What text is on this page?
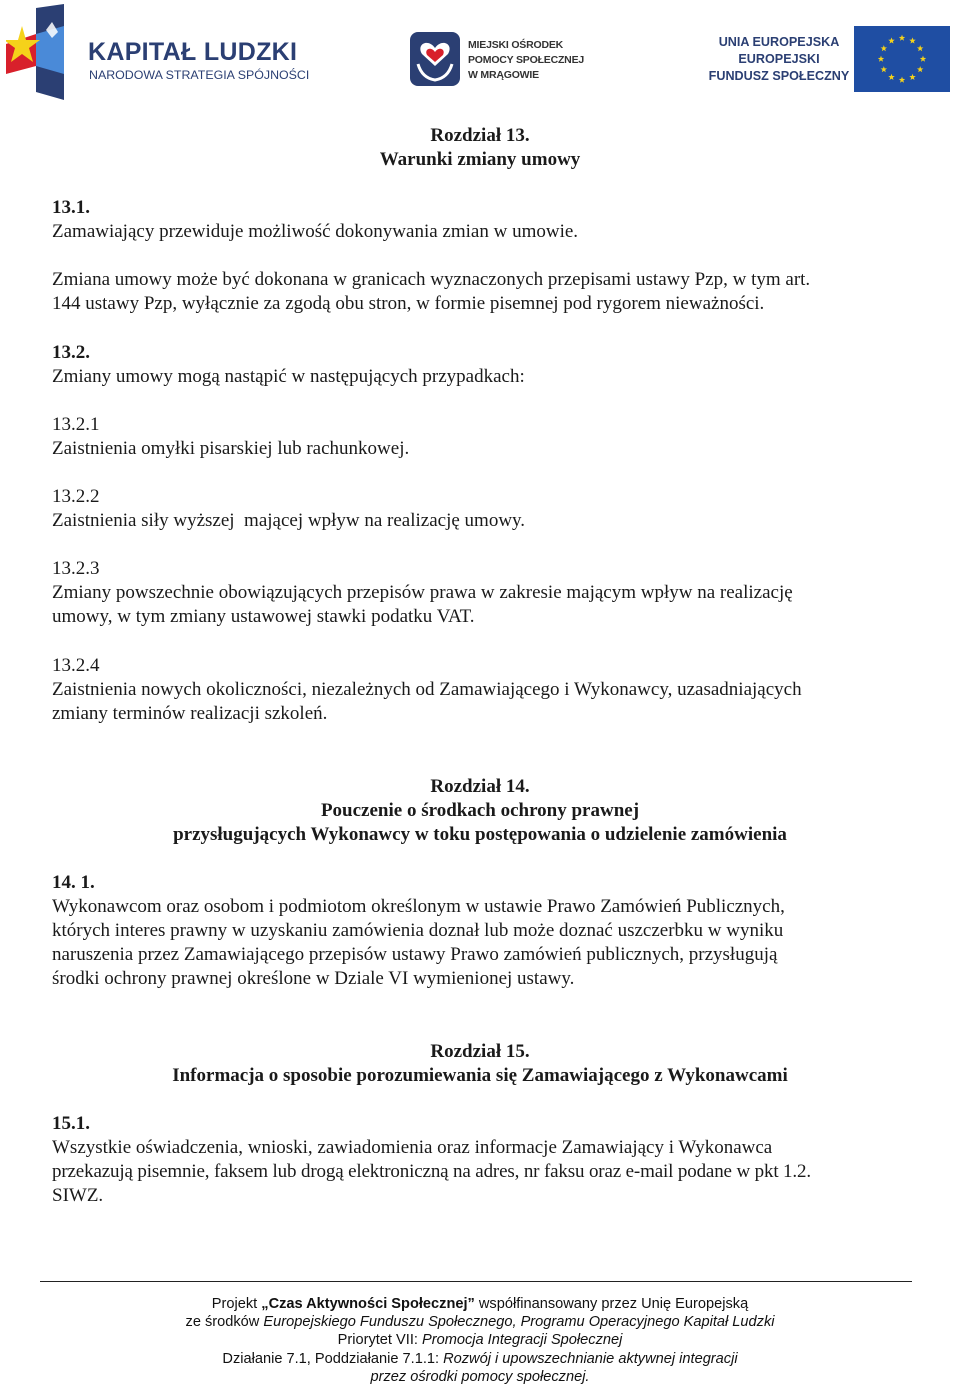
KAPITAŁ LUDZKI
NARODOWA STRATEGIA SPÓJNOŚCI
MIEJSKI OŚRODEK
POMOCY SPOŁECZNEJ
W MRĄGOWIE
UNIA EUROPEJSKA
EUROPEJSKI
FUNDUSZ SPOŁECZNY
Rozdział 13.
Warunki zmiany umowy
13.1.
Zamawiający przewiduje możliwość dokonywania zmian w umowie.
Zmiana umowy może być dokonana w granicach wyznaczonych przepisami ustawy Pzp, w tym art.
144 ustawy Pzp, wyłącznie za zgodą obu stron, w formie pisemnej pod rygorem nieważności.
13.2.
Zmiany umowy mogą nastąpić w następujących przypadkach:
13.2.1
Zaistnienia omyłki pisarskiej lub rachunkowej.
13.2.2
Zaistnienia siły wyższej  mającej wpływ na realizację umowy.
13.2.3
Zmiany powszechnie obowiązujących przepisów prawa w zakresie mającym wpływ na realizację
umowy, w tym zmiany ustawowej stawki podatku VAT.
13.2.4
Zaistnienia nowych okoliczności, niezależnych od Zamawiającego i Wykonawcy, uzasadniających
zmiany terminów realizacji szkoleń.
Rozdział 14.
Pouczenie o środkach ochrony prawnej
przysługujących Wykonawcy w toku postępowania o udzielenie zamówienia
14. 1.
Wykonawcom oraz osobom i podmiotom określonym w ustawie Prawo Zamówień Publicznych,
których interes prawny w uzyskaniu zamówienia doznał lub może doznać uszczerbku w wyniku
naruszenia przez Zamawiającego przepisów ustawy Prawo zamówień publicznych, przysługują
środki ochrony prawnej określone w Dziale VI wymienionej ustawy.
Rozdział 15.
Informacja o sposobie porozumiewania się Zamawiającego z Wykonawcami
15.1.
Wszystkie oświadczenia, wnioski, zawiadomienia oraz informacje Zamawiający i Wykonawca
przekazują pisemnie, faksem lub drogą elektroniczną na adres, nr faksu oraz e-mail podane w pkt 1.2.
SIWZ.
Projekt „Czas Aktywności Społecznej” współfinansowany przez Unię Europejską
ze środków Europejskiego Funduszu Społecznego, Programu Operacyjnego Kapitał Ludzki
Priorytet VII: Promocja Integracji Społecznej
Działanie 7.1, Poddziałanie 7.1.1: Rozwój i upowszechnianie aktywnej integracji
przez ośrodki pomocy społecznej.
